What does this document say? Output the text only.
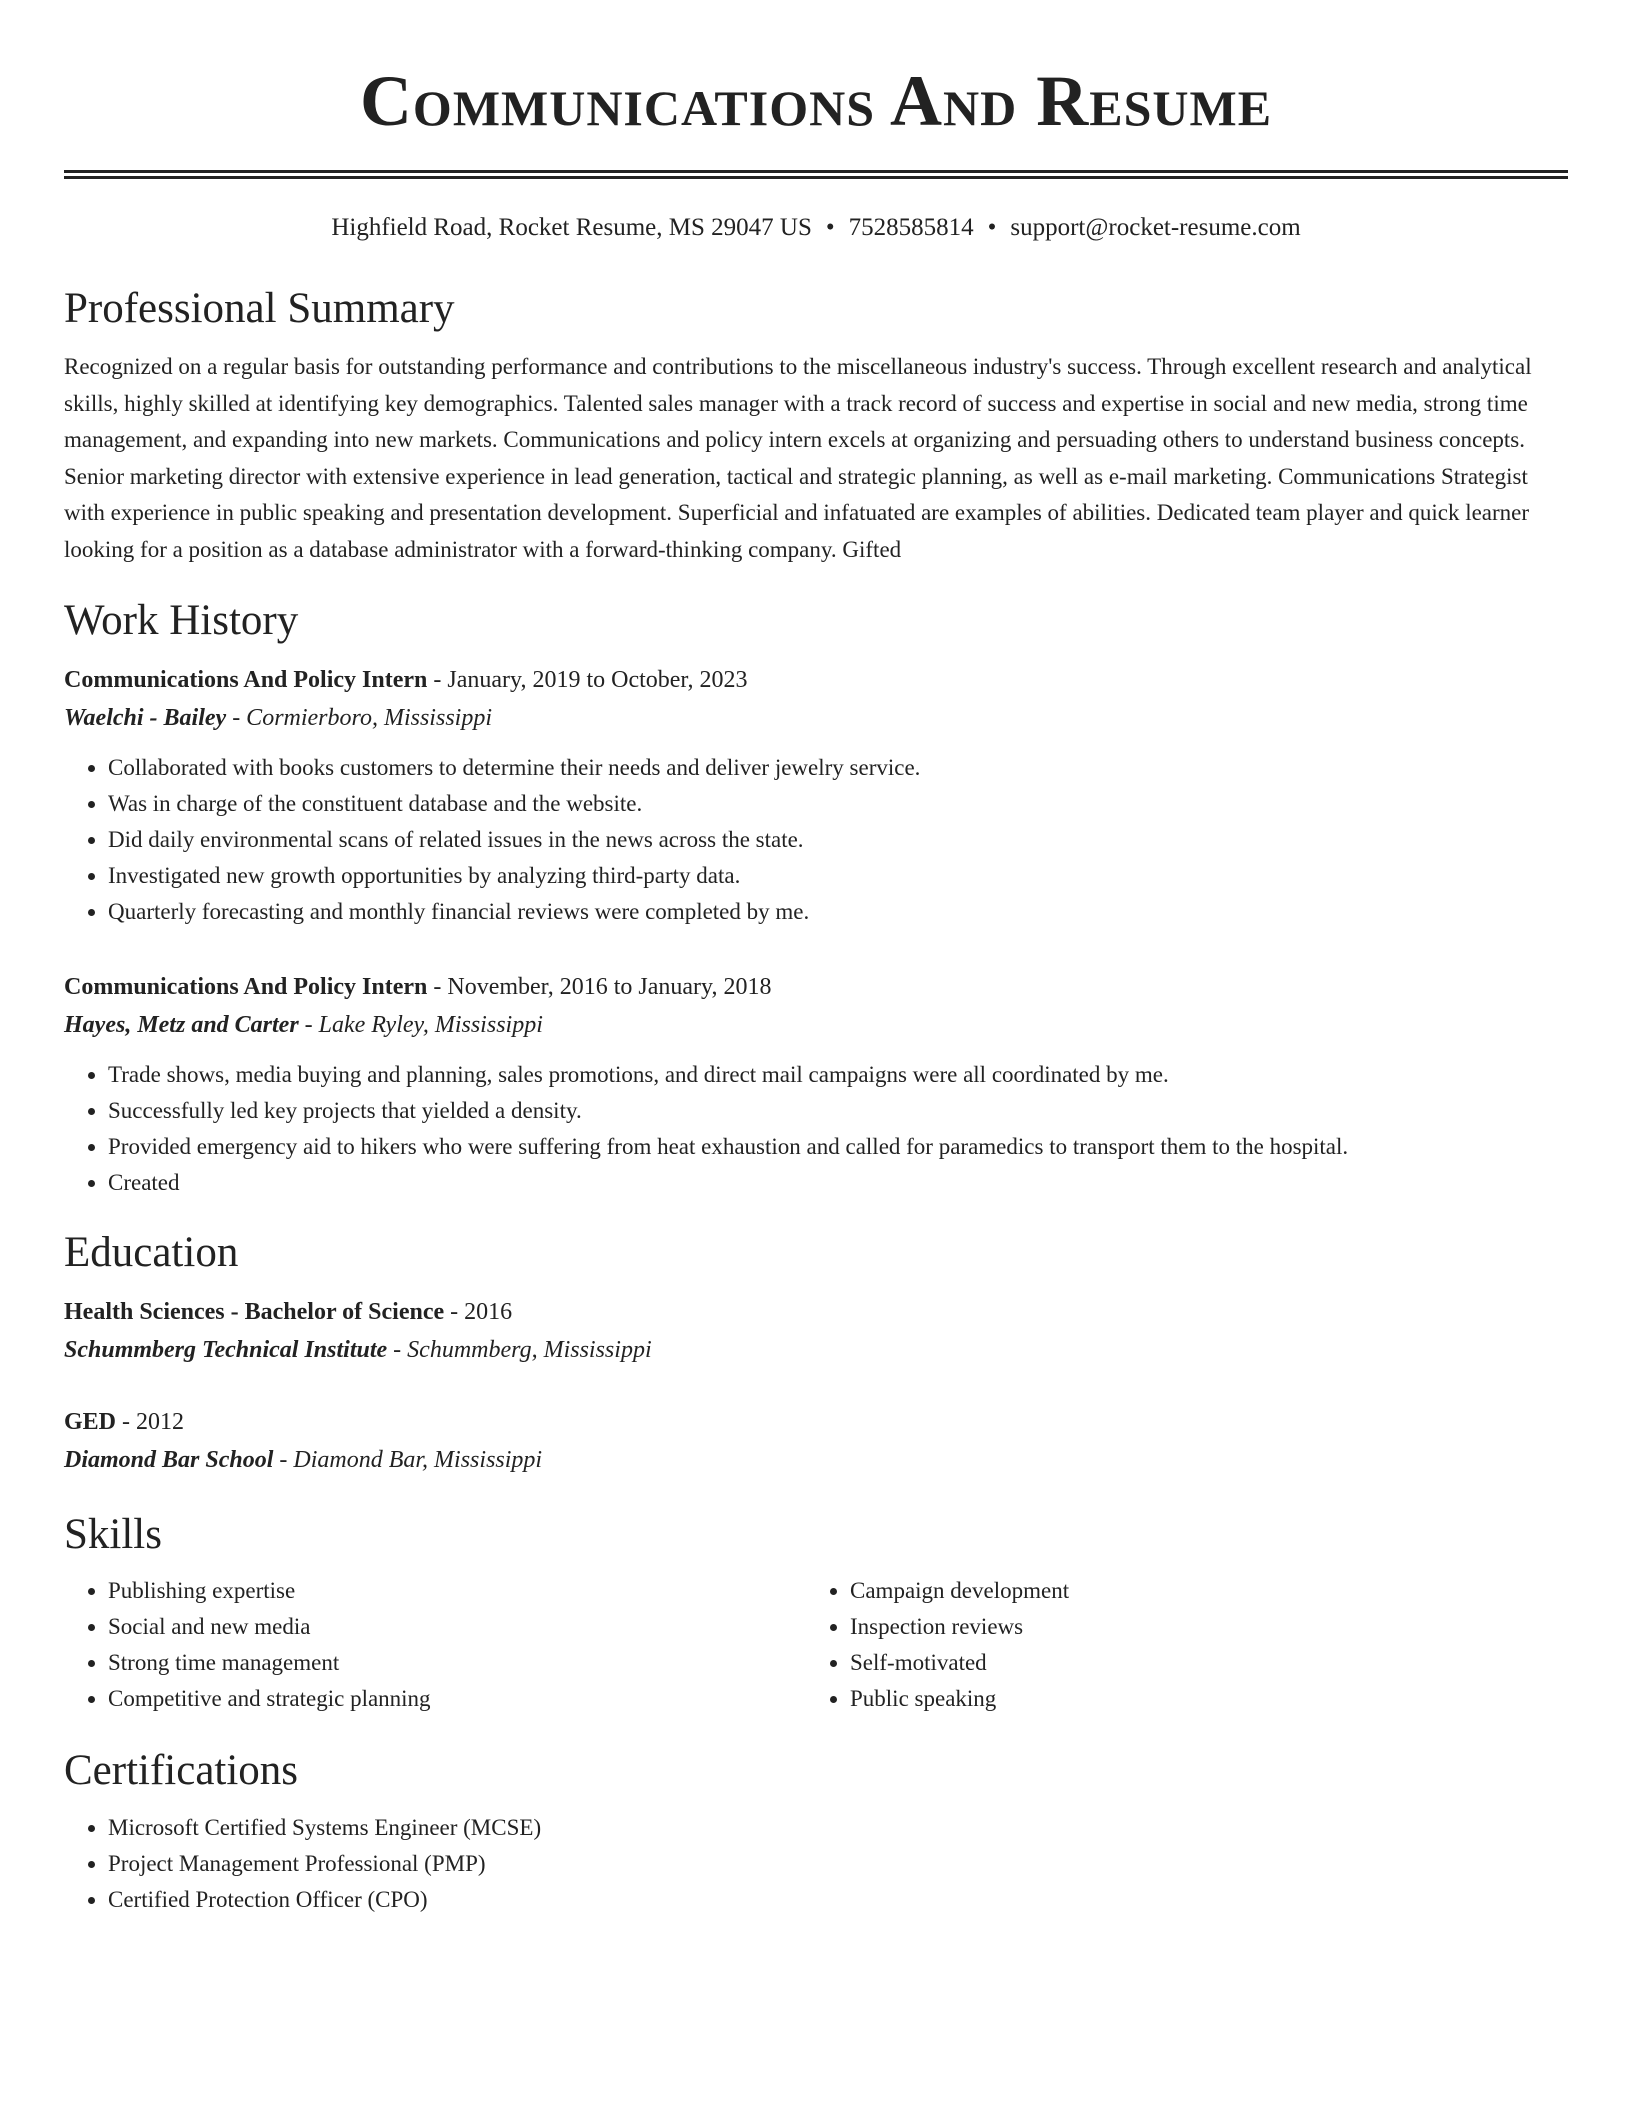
Communications And Resume
Highfield Road, Rocket Resume, MS 29047 US • 7528585814 • support@rocket-resume.com
Professional Summary
Recognized on a regular basis for outstanding performance and contributions to the miscellaneous industry's success. Through excellent research and analytical skills, highly skilled at identifying key demographics. Talented sales manager with a track record of success and expertise in social and new media, strong time management, and expanding into new markets. Communications and policy intern excels at organizing and persuading others to understand business concepts. Senior marketing director with extensive experience in lead generation, tactical and strategic planning, as well as e-mail marketing. Communications Strategist with experience in public speaking and presentation development. Superficial and infatuated are examples of abilities. Dedicated team player and quick learner looking for a position as a database administrator with a forward-thinking company. Gifted
Work History
Communications And Policy Intern - January, 2019 to October, 2023
Waelchi - Bailey - Cormierboro, Mississippi
• Collaborated with books customers to determine their needs and deliver jewelry service.
• Was in charge of the constituent database and the website.
• Did daily environmental scans of related issues in the news across the state.
• Investigated new growth opportunities by analyzing third-party data.
• Quarterly forecasting and monthly financial reviews were completed by me.
Communications And Policy Intern - November, 2016 to January, 2018
Hayes, Metz and Carter - Lake Ryley, Mississippi
• Trade shows, media buying and planning, sales promotions, and direct mail campaigns were all coordinated by me.
• Successfully led key projects that yielded a density.
• Provided emergency aid to hikers who were suffering from heat exhaustion and called for paramedics to transport them to the hospital.
• Created
Education
Health Sciences - Bachelor of Science - 2016
Schummberg Technical Institute - Schummberg, Mississippi
GED - 2012
Diamond Bar School - Diamond Bar, Mississippi
Skills
• Publishing expertise
• Social and new media
• Strong time management
• Competitive and strategic planning
• Campaign development
• Inspection reviews
• Self-motivated
• Public speaking
Certifications
• Microsoft Certified Systems Engineer (MCSE)
• Project Management Professional (PMP)
• Certified Protection Officer (CPO)
